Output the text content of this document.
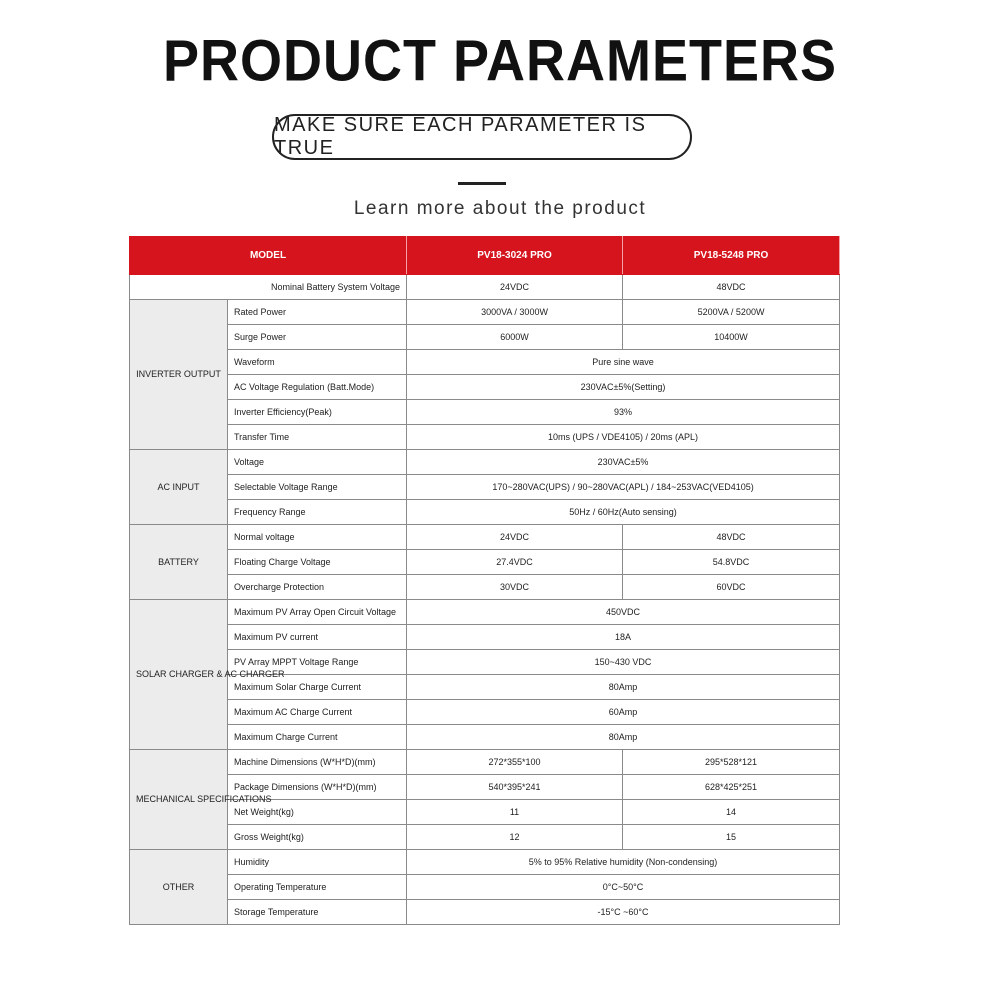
PRODUCT PARAMETERS
MAKE SURE EACH PARAMETER IS TRUE
Learn more about the product
MODEL		PV18-3024 PRO	PV18-5248 PRO
Nominal Battery System Voltage		24VDC	48VDC
INVERTER OUTPUT	Rated Power	3000VA / 3000W	5200VA / 5200W
	Surge Power	6000W	10400W
	Waveform	Pure sine wave	
	AC Voltage Regulation (Batt.Mode)	230VAC±5%(Setting)	
	Inverter Efficiency(Peak)	93%	
	Transfer Time	10ms (UPS / VDE4105) / 20ms (APL)	
AC INPUT	Voltage	230VAC±5%	
	Selectable Voltage Range	170~280VAC(UPS) / 90~280VAC(APL) / 184~253VAC(VED4105)	
	Frequency Range	50Hz / 60Hz(Auto sensing)	
BATTERY	Normal voltage	24VDC	48VDC
	Floating Charge Voltage	27.4VDC	54.8VDC
	Overcharge Protection	30VDC	60VDC
SOLAR CHARGER & AC CHARGER	Maximum PV Array Open Circuit Voltage	450VDC	
	Maximum PV current	18A	
	PV Array MPPT Voltage Range	150~430 VDC	
	Maximum Solar Charge Current	80Amp	
	Maximum AC Charge Current	60Amp	
	Maximum Charge Current	80Amp	
MECHANICAL SPECIFICATIONS	Machine Dimensions (W*H*D)(mm)	272*355*100	295*528*121
	Package Dimensions (W*H*D)(mm)	540*395*241	628*425*251
	Net Weight(kg)	11	14
	Gross Weight(kg)	12	15
OTHER	Humidity	5% to 95% Relative humidity (Non-condensing)	
	Operating Temperature	0°C~50°C	
	Storage Temperature	-15°C ~60°C	
